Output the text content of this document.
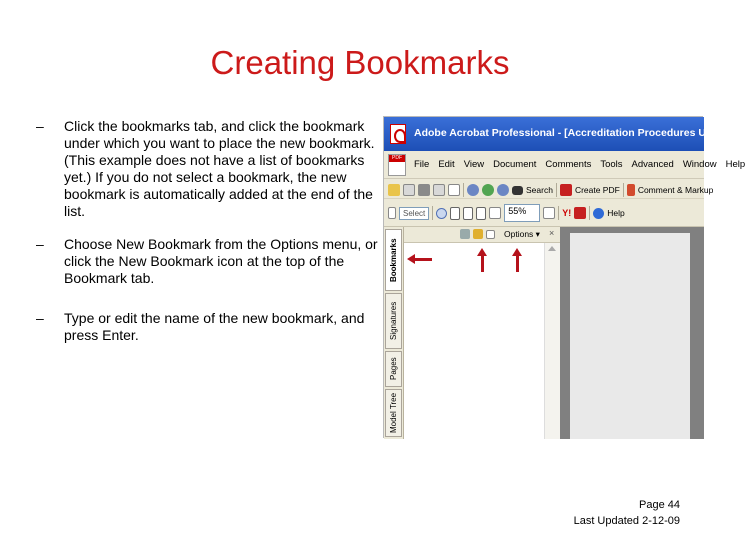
Creating Bookmarks
– Click the bookmarks tab, and click the bookmark under which you want to place the new bookmark. (This example does not have a list of bookmarks yet.) If you do not select a bookmark, the new bookmark is automatically added at the end of the list.
– Choose New Bookmark from the Options menu, or click the New Bookmark icon at the top of the Bookmark tab.
– Type or edit the name of the new bookmark, and press Enter.
Adobe Acrobat Professional - [Accreditation Procedures Updated
PDF
File Edit View Document Comments Tools Advanced Window Help
Search	Create PDF Comment & Markup
Select	55%	Y!	Help
Bookmarks
Signatures
Pages
Model Tree
Options ▾ ×
Page 44
Last Updated 2-12-09
